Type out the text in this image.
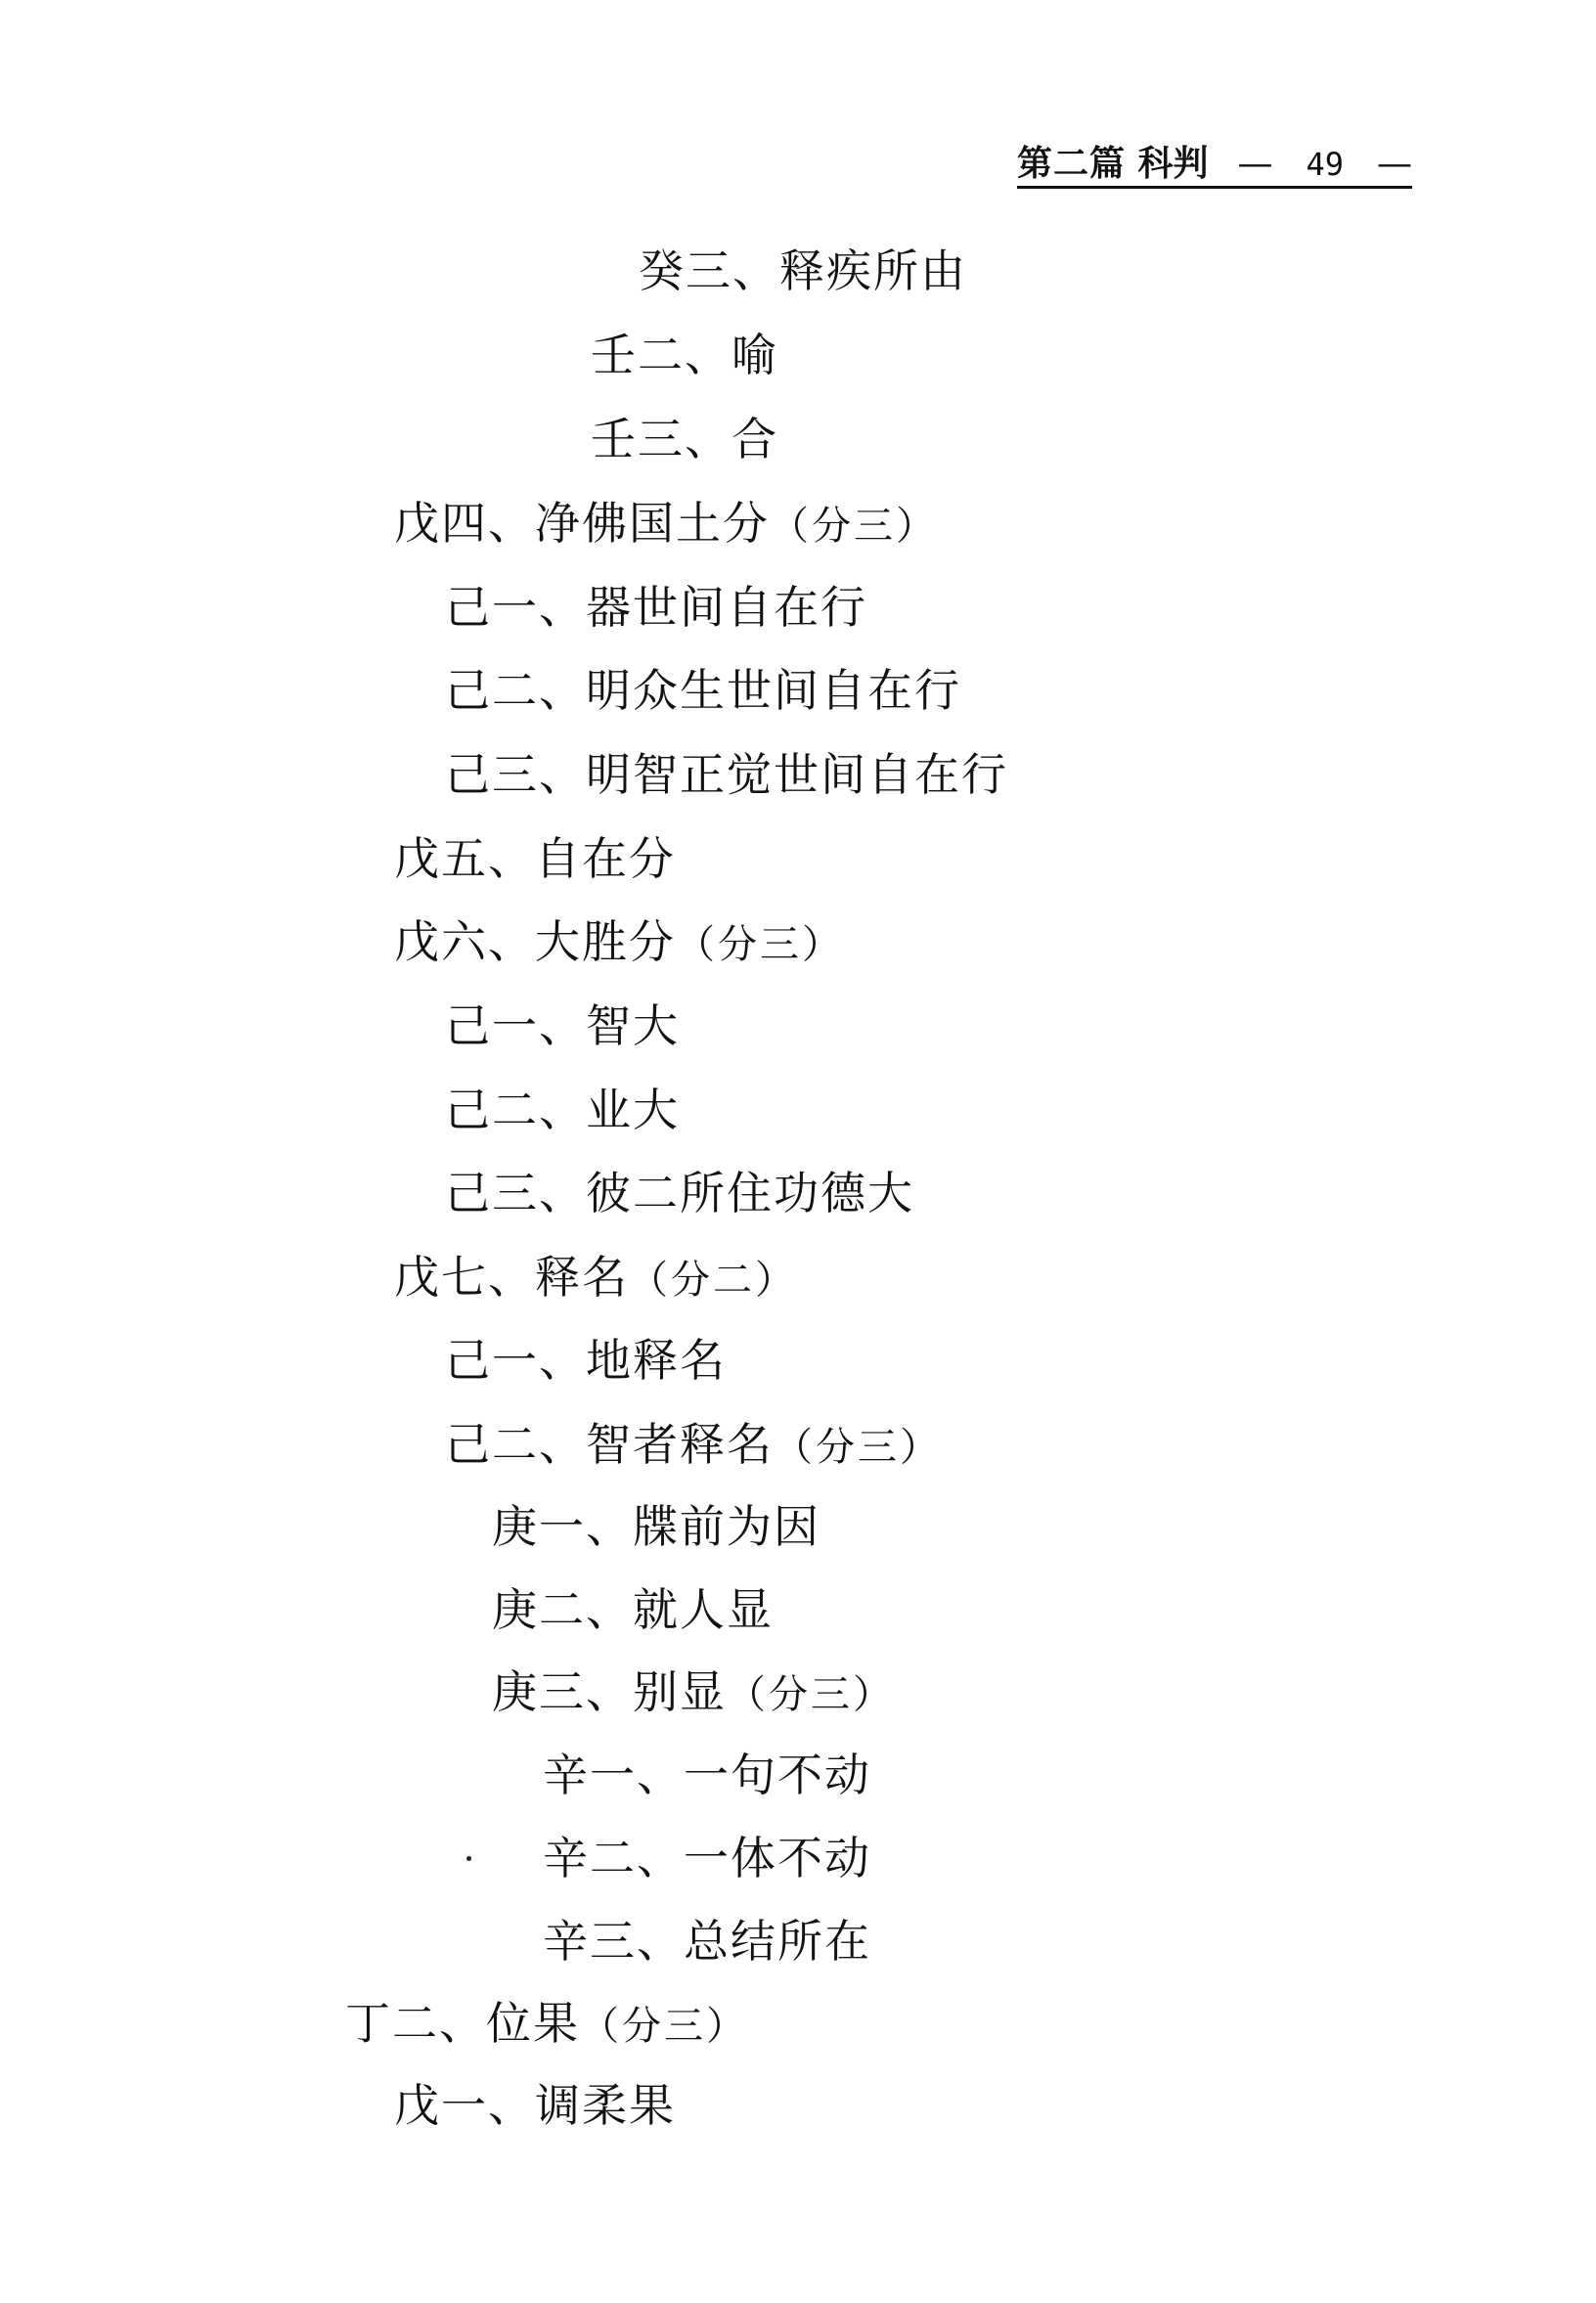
第二篇 科判 — 49 —
癸三、释疾所由
壬二、喻
壬三、合
戊四、净佛国土分（分三）
己一、器世间自在行
己二、明众生世间自在行
己三、明智正觉世间自在行
戊五、自在分
戊六、大胜分（分三）
己一、智大
己二、业大
己三、彼二所住功德大
戊七、释名（分二）
己一、地释名
己二、智者释名（分三）
庚一、牒前为因
庚二、就人显
庚三、别显（分三）
辛一、一句不动
辛二、一体不动
辛三、总结所在
丁二、位果（分三）
戊一、调柔果
